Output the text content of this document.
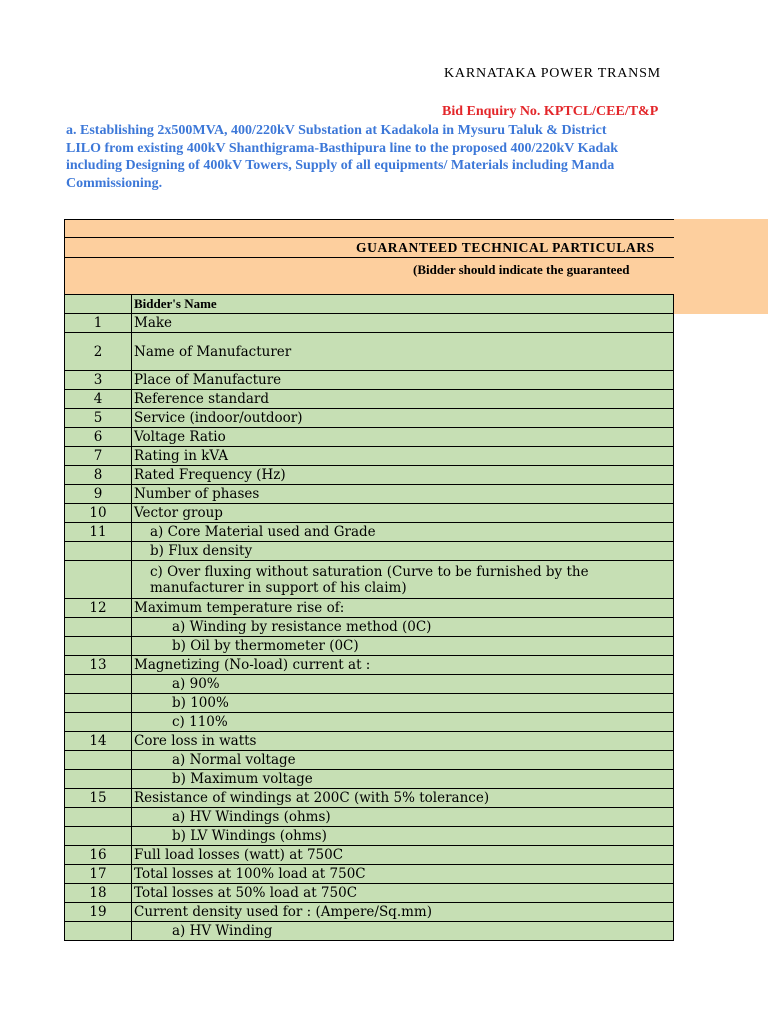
KARNATAKA POWER TRANSM
Bid Enquiry No. KPTCL/CEE/T&P
a. Establishing 2x500MVA, 400/220kV Substation at Kadakola in Mysuru Taluk & District
LILO from existing 400kV Shanthigrama-Basthipura line to the proposed 400/220kV Kadak
including Designing of 400kV Towers, Supply of all equipments/ Materials including Manda
Commissioning.
GUARANTEED TECHNICAL PARTICULARS
(Bidder should indicate the guaranteed
	Bidder's Name
1	Make
2	Name of Manufacturer
3	Place of Manufacture
4	Reference standard
5	Service (indoor/outdoor)
6	Voltage Ratio
7	Rating in kVA
8	Rated Frequency (Hz)
9	Number of phases
10	Vector group
11	a) Core Material used and Grade
	b) Flux density
	c) Over fluxing without saturation (Curve to be furnished by the manufacturer in support of his claim)
12	Maximum temperature rise of:
	a) Winding by resistance method (0C)
	b) Oil by thermometer (0C)
13	Magnetizing (No-load) current at :
	a) 90%
	b) 100%
	c) 110%
14	Core loss in watts
	a) Normal voltage
	b) Maximum voltage
15	Resistance of windings at 200C (with 5% tolerance)
	a) HV Windings (ohms)
	b) LV Windings (ohms)
16	Full load losses (watt) at 750C
17	Total losses at 100% load at 750C
18	Total losses at 50% load at 750C
19	Current density used for : (Ampere/Sq.mm)
	a) HV Winding
